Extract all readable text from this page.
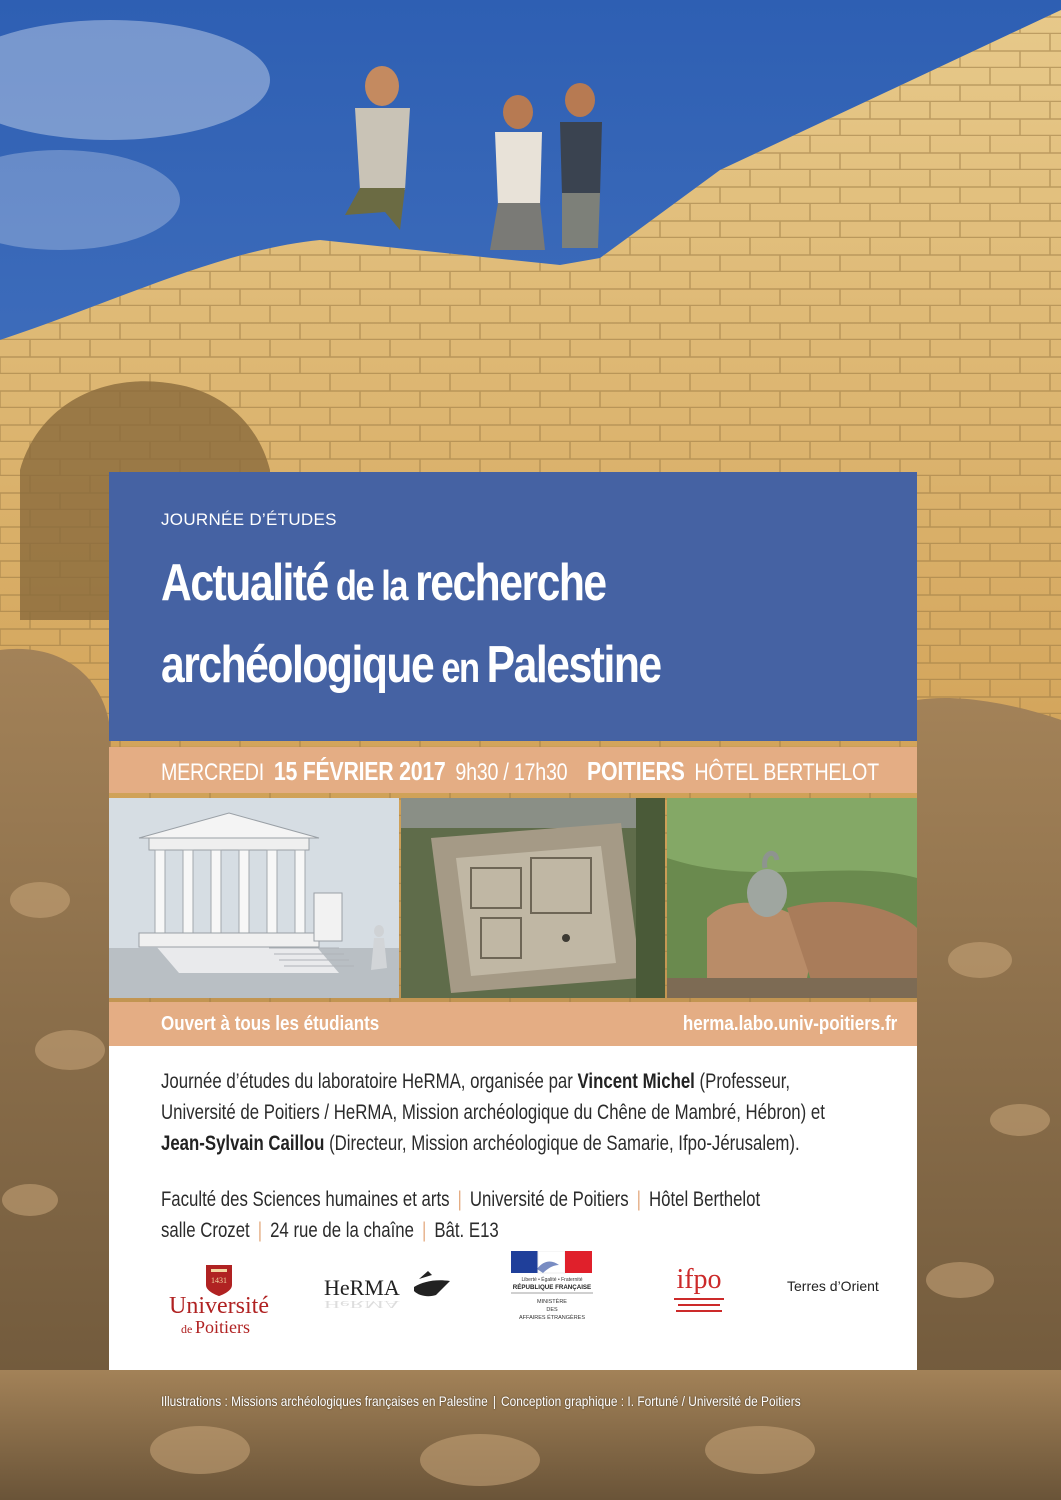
JOURNÉE D’ÉTUDES
Actualité de la recherche
archéologique en Palestine
MERCREDI 15 FÉVRIER 2017 9h30 / 17h30 POITIERS HÔTEL BERTHELOT
Ouvert à tous les étudiants	herma.labo.univ-poitiers.fr
Journée d’études du laboratoire HeRMA, organisée par Vincent Michel (Professeur,
Université de Poitiers / HeRMA, Mission archéologique du Chêne de Mambré, Hébron) et
Jean-Sylvain Caillou (Directeur, Mission archéologique de Samarie, Ifpo-Jérusalem).
Faculté des Sciences humaines et arts | Université de Poitiers | Hôtel Berthelot
salle Crozet | 24 rue de la chaîne | Bât. E13
1431
Université
de Poitiers
HeRMA
HeRMA
Liberté • Égalité • Fraternité
RÉPUBLIQUE FRANÇAISE
MINISTÈRE
DES
AFFAIRES ÉTRANGÈRES
ifpo	Terres d’Orient
Illustrations : Missions archéologiques françaises en Palestine | Conception graphique : I. Fortuné / Université de Poitiers
